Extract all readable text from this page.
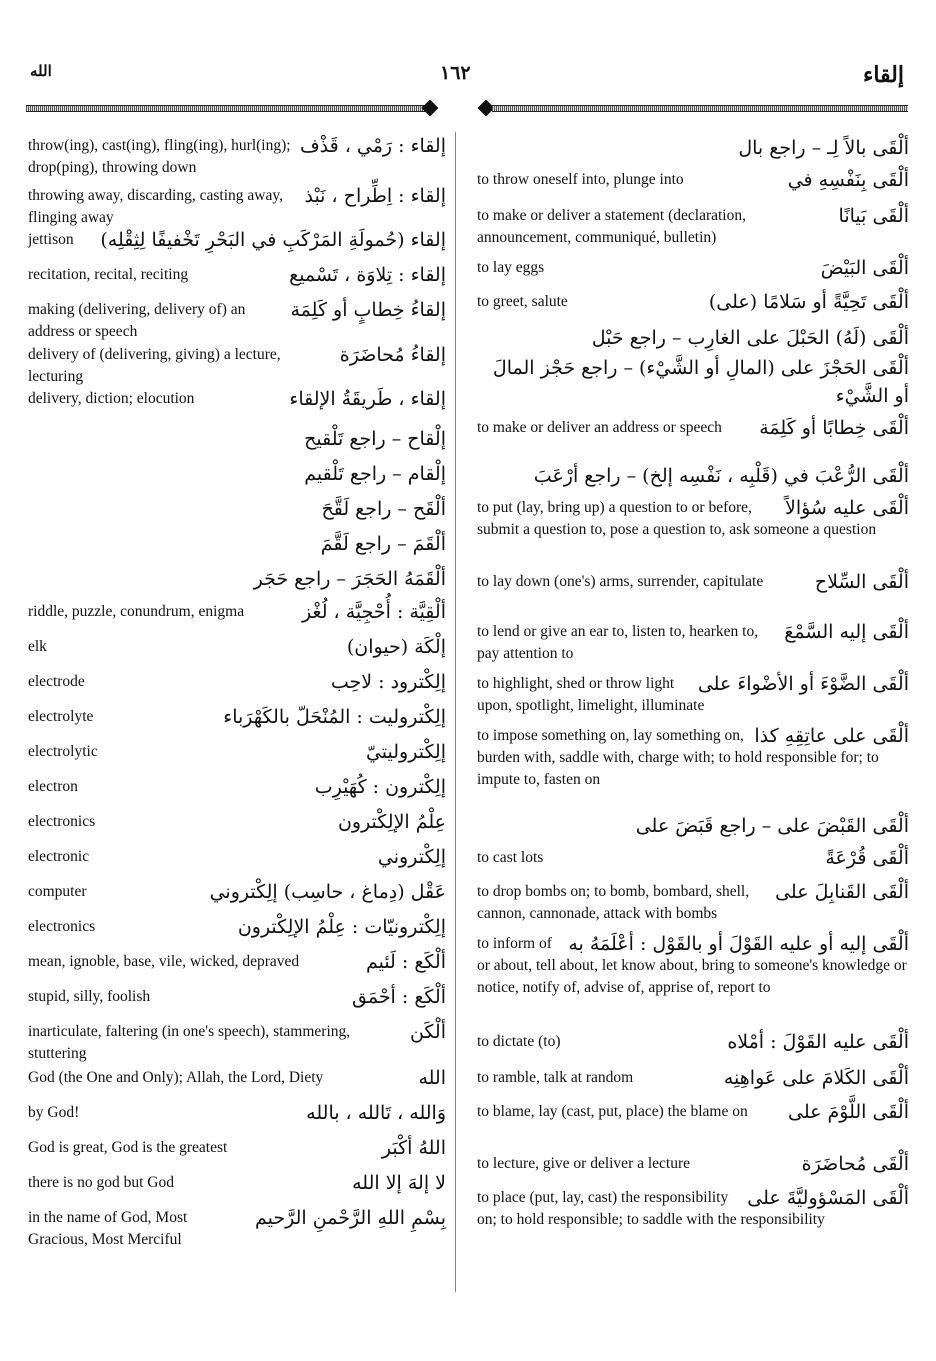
إلقاء
١٦٢
الله
إلقاء : رَمْي ، قَذْف
throw(ing), cast(ing), fling(ing), hurl(ing); drop(ping), throwing down
إلقاء : اِطِّراح ، نَبْذ
throwing away, discarding, casting away, flinging away
إلقاء (حُمولَةِ المَرْكَبِ في البَحْرِ تَخْفيفًا لِثِقْلِه)
jettison
إلقاء : تِلاوَة ، تَسْميع
recitation, recital, reciting
إلقاءُ خِطابٍ أو كَلِمَة
making (delivering, delivery of) an address or speech
إلقاءُ مُحاضَرَة
delivery of (delivering, giving) a lecture, lecturing
إلقاء ، طَريقَةُ الإلقاء
delivery, diction; elocution
إلْقاح – راجع تَلْقيح
إلْقام – راجع تَلْقيم
ألْقَح – راجع لَقَّحَ
ألْقَمَ – راجع لَقَّمَ
ألْقَمَهُ الحَجَرَ – راجع حَجَر
ألْقِيَّة : أُحْجِيَّة ، لُغْز
riddle, puzzle, conundrum, enigma
إلْكَة (حيوان)
elk
إلِكْترود : لاحِب
electrode
إلِكْتروليت : المُنْحَلّ بالكَهْرَباء
electrolyte
إلِكْتروليتيّ
electrolytic
إلِكْترون : كُهَيْرِب
electron
عِلْمُ الإلِكْترون
electronics
إلِكْتروني
electronic
عَقْل (دِماغ ، حاسِب) إلِكْتروني
computer
إلِكْترونيّات : عِلْمُ الإلِكْترون
electronics
ألْكَع : لَئيم
mean, ignoble, base, vile, wicked, depraved
ألْكَع : أحْمَق
stupid, silly, foolish
ألْكَن
inarticulate, faltering (in one's speech), stammering, stuttering
الله
God (the One and Only); Allah, the Lord, Diety
وَالله ، تَالله ، بالله
by God!
اللهُ أكْبَر
God is great, God is the greatest
لا إلهَ إلا الله
there is no god but God
بِسْمِ اللهِ الرَّحْمنِ الرَّحيم
in the name of God, Most Gracious, Most Merciful
ألْقَى بالاً لِـ – راجع بال
ألْقَى بِنَفْسِهِ في
to throw oneself into, plunge into
ألْقَى بَيانًا
to make or deliver a statement (declaration, announcement, communiqué, bulletin)
ألْقَى البَيْضَ
to lay eggs
ألْقَى تَحِيَّةً أو سَلامًا (على)
to greet, salute
ألْقَى (لَهُ) الحَبْلَ على الغارِب – راجع حَبْل
ألْقَى الحَجْزَ على (المالِ أو الشَّيْء) – راجع حَجْز المالَ أو الشَّيْء
ألْقَى خِطابًا أو كَلِمَة
to make or deliver an address or speech
ألْقَى الرُّعْبَ في (قَلْبِه ، نَفْسِه إلخ) – راجع أرْعَبَ
ألْقَى عليه سُؤالاً
to put (lay, bring up) a question to or before, submit a question to, pose a question to, ask someone a question
ألْقَى السِّلاح
to lay down (one's) arms, surrender, capitulate
ألْقَى إليه السَّمْعَ
to lend or give an ear to, listen to, hearken to, pay attention to
ألْقَى الضَّوْءَ أو الأضْواءَ على
to highlight, shed or throw light upon, spotlight, limelight, illuminate
ألْقَى على عاتِقِهِ كذا
to impose something on, lay something on, burden with, saddle with, charge with; to hold responsible for; to impute to, fasten on
ألْقَى القَبْضَ على – راجع قَبَضَ على
ألْقَى قُرْعَةً
to cast lots
ألْقَى القَنابِلَ على
to drop bombs on; to bomb, bombard, shell, cannon, cannonade, attack with bombs
ألْقَى إليه أو عليه القَوْلَ أو بالقَوْل : أعْلَمَهُ به
to inform of or about, tell about, let know about, bring to someone's knowledge or notice, notify of, advise of, apprise of, report to
ألْقَى عليه القَوْلَ : أمْلاه
to dictate (to)
ألْقَى الكَلامَ على عَواهِنِه
to ramble, talk at random
ألْقَى اللَّوْمَ على
to blame, lay (cast, put, place) the blame on
ألْقَى مُحاضَرَة
to lecture, give or deliver a lecture
ألْقَى المَسْؤوليَّةَ على
to place (put, lay, cast) the responsibility on; to hold responsible; to saddle with the responsibility
